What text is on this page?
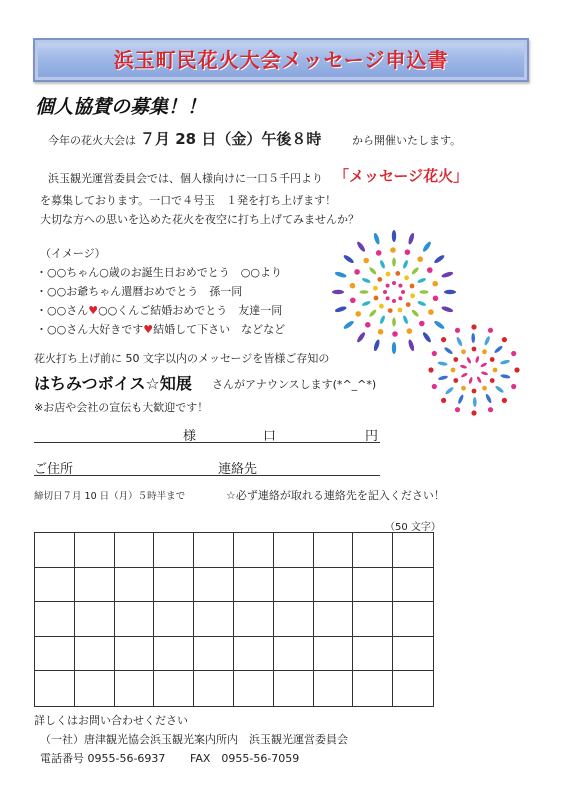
浜玉町民花火大会メッセージ申込書
個人協賛の募集！！
今年の花火大会は ７月 28 日（金）午後８時	から開催いたします。
浜玉観光運営委員会では、個人様向けに一口５千円より 「メッセージ花火」
を募集しております。一口で４号玉　１発を打ち上げます！
大切な方への思いを込めた花火を夜空に打ち上げてみませんか？
（イメージ）
・○○ちゃん○歳のお誕生日おめでとう　○○より
・○○お爺ちゃん還暦おめでとう　孫一同
・○○さん♥○○くんご結婚おめでとう　友達一同
・○○さん大好きです♥結婚して下さい　などなど
花火打ち上げ前に 50 文字以内のメッセージを皆様ご存知の
はちみつボイス☆知展 さんがアナウンスします(*^_^*)
※お店や会社の宣伝も大歓迎です！
様	口	円
ご住所	連絡先
締切日７月 10 日（月）５時半まで	☆必ず連絡が取れる連絡先を記入ください！
（50 文字）
詳しくはお問い合わせください
（一社）唐津観光協会浜玉観光案内所内　浜玉観光運営委員会
電話番号 0955-56-6937 FAX　0955-56-7059
